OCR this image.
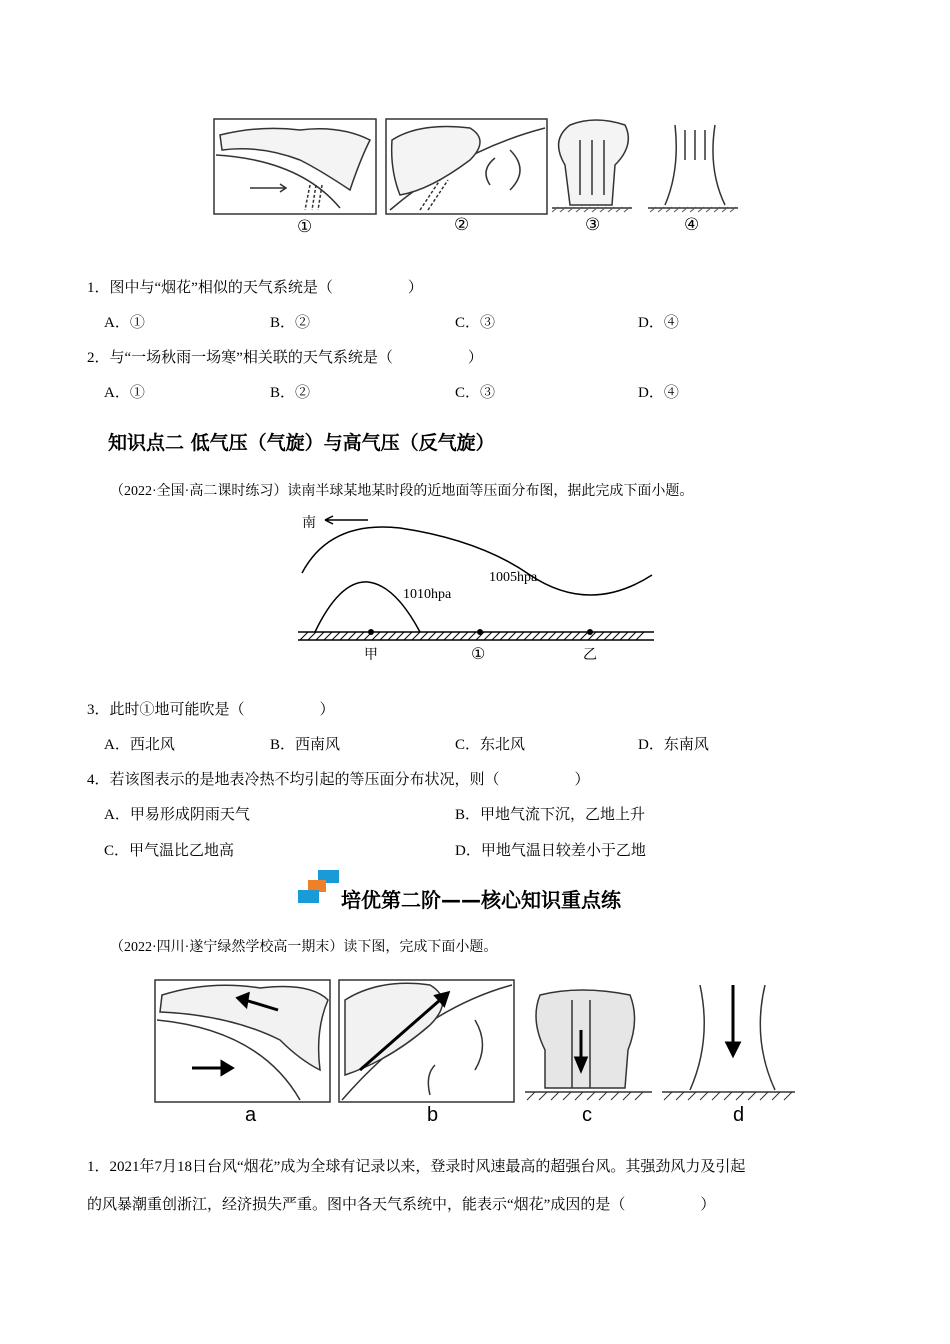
①	②	③	④
1．图中与“烟花”相似的天气系统是（　　　　　）
A．①	B．②	C．③	D．④
2．与“一场秋雨一场寒”相关联的天气系统是（　　　　　）
A．①	B．②	C．③	D．④
知识点二 低气压（气旋）与高气压（反气旋）
（2022·全国·高二课时练习）读南半球某地某时段的近地面等压面分布图，据此完成下面小题。
南
1010hpa
1005hpa
甲	①	乙
3．此时①地可能吹是（　　　　　）
A．西北风	B．西南风	C．东北风	D．东南风
4．若该图表示的是地表冷热不均引起的等压面分布状况，则（　　　　　）
A．甲易形成阴雨天气	B．甲地气流下沉，乙地上升
C．甲气温比乙地高	D．甲地气温日较差小于乙地
培优第二阶——核心知识重点练
（2022·四川·遂宁绿然学校高一期末）读下图，完成下面小题。
a	b	c	d
1．2021年7月18日台风“烟花”成为全球有记录以来，登录时风速最高的超强台风。其强劲风力及引起
的风暴潮重创浙江，经济损失严重。图中各天气系统中，能表示“烟花”成因的是（　　　　　）
